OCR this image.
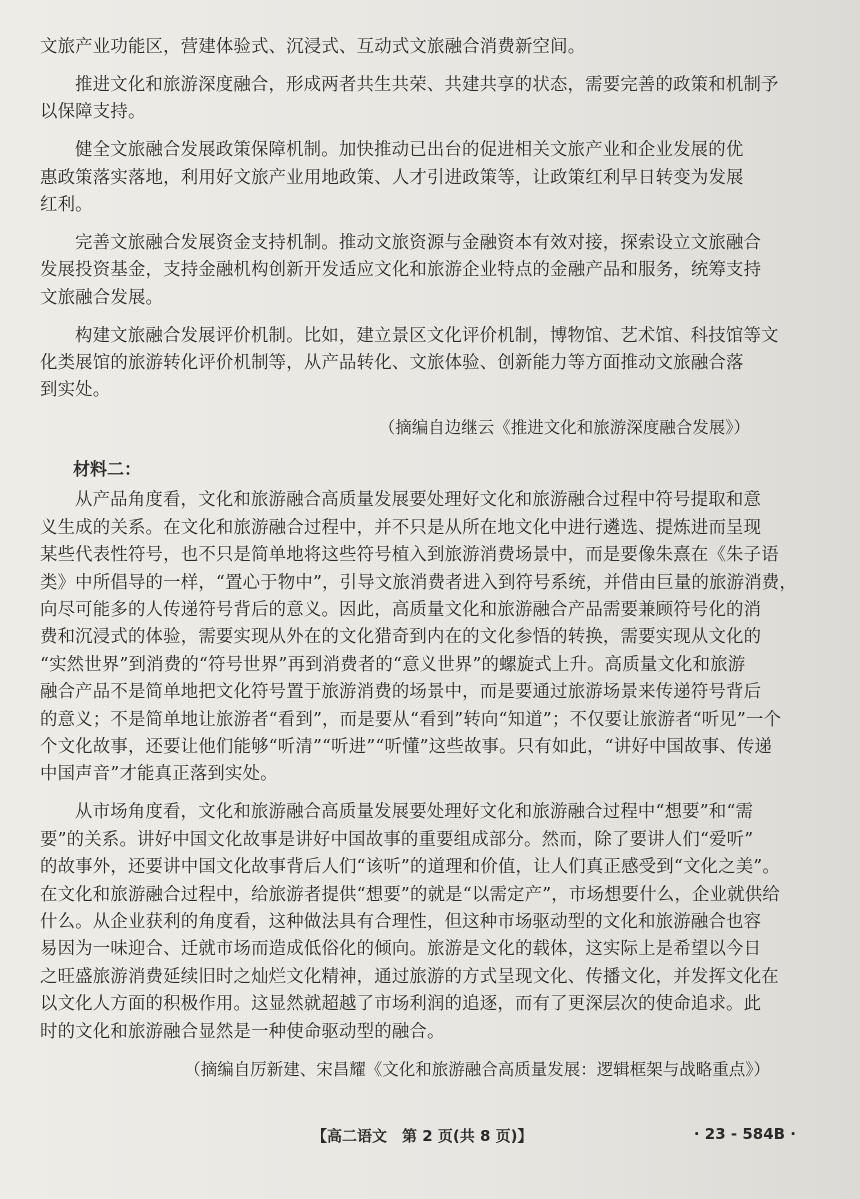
文旅产业功能区，营建体验式、沉浸式、互动式文旅融合消费新空间。
推进文化和旅游深度融合，形成两者共生共荣、共建共享的状态，需要完善的政策和机制予
以保障支持。
健全文旅融合发展政策保障机制。加快推动已出台的促进相关文旅产业和企业发展的优
惠政策落实落地，利用好文旅产业用地政策、人才引进政策等，让政策红利早日转变为发展
红利。
完善文旅融合发展资金支持机制。推动文旅资源与金融资本有效对接，探索设立文旅融合
发展投资基金，支持金融机构创新开发适应文化和旅游企业特点的金融产品和服务，统筹支持
文旅融合发展。
构建文旅融合发展评价机制。比如，建立景区文化评价机制，博物馆、艺术馆、科技馆等文
化类展馆的旅游转化评价机制等，从产品转化、文旅体验、创新能力等方面推动文旅融合落
到实处。
（摘编自边继云《推进文化和旅游深度融合发展》）
材料二：
从产品角度看，文化和旅游融合高质量发展要处理好文化和旅游融合过程中符号提取和意
义生成的关系。在文化和旅游融合过程中，并不只是从所在地文化中进行遴选、提炼进而呈现
某些代表性符号，也不只是简单地将这些符号植入到旅游消费场景中，而是要像朱熹在《朱子语
类》中所倡导的一样，“置心于物中”，引导文旅消费者进入到符号系统，并借由巨量的旅游消费，
向尽可能多的人传递符号背后的意义。因此，高质量文化和旅游融合产品需要兼顾符号化的消
费和沉浸式的体验，需要实现从外在的文化猎奇到内在的文化参悟的转换，需要实现从文化的
“实然世界”到消费的“符号世界”再到消费者的“意义世界”的螺旋式上升。高质量文化和旅游
融合产品不是简单地把文化符号置于旅游消费的场景中，而是要通过旅游场景来传递符号背后
的意义；不是简单地让旅游者“看到”，而是要从“看到”转向“知道”；不仅要让旅游者“听见”一个
个文化故事，还要让他们能够“听清”“听进”“听懂”这些故事。只有如此，“讲好中国故事、传递
中国声音”才能真正落到实处。
从市场角度看，文化和旅游融合高质量发展要处理好文化和旅游融合过程中“想要”和“需
要”的关系。讲好中国文化故事是讲好中国故事的重要组成部分。然而，除了要讲人们“爱听”
的故事外，还要讲中国文化故事背后人们“该听”的道理和价值，让人们真正感受到“文化之美”。
在文化和旅游融合过程中，给旅游者提供“想要”的就是“以需定产”，市场想要什么，企业就供给
什么。从企业获利的角度看，这种做法具有合理性，但这种市场驱动型的文化和旅游融合也容
易因为一味迎合、迁就市场而造成低俗化的倾向。旅游是文化的载体，这实际上是希望以今日
之旺盛旅游消费延续旧时之灿烂文化精神，通过旅游的方式呈现文化、传播文化，并发挥文化在
以文化人方面的积极作用。这显然就超越了市场利润的追逐，而有了更深层次的使命追求。此
时的文化和旅游融合显然是一种使命驱动型的融合。
（摘编自厉新建、宋昌耀《文化和旅游融合高质量发展：逻辑框架与战略重点》）
【高二语文　第 2 页(共 8 页)】	· 23 - 584B ·
